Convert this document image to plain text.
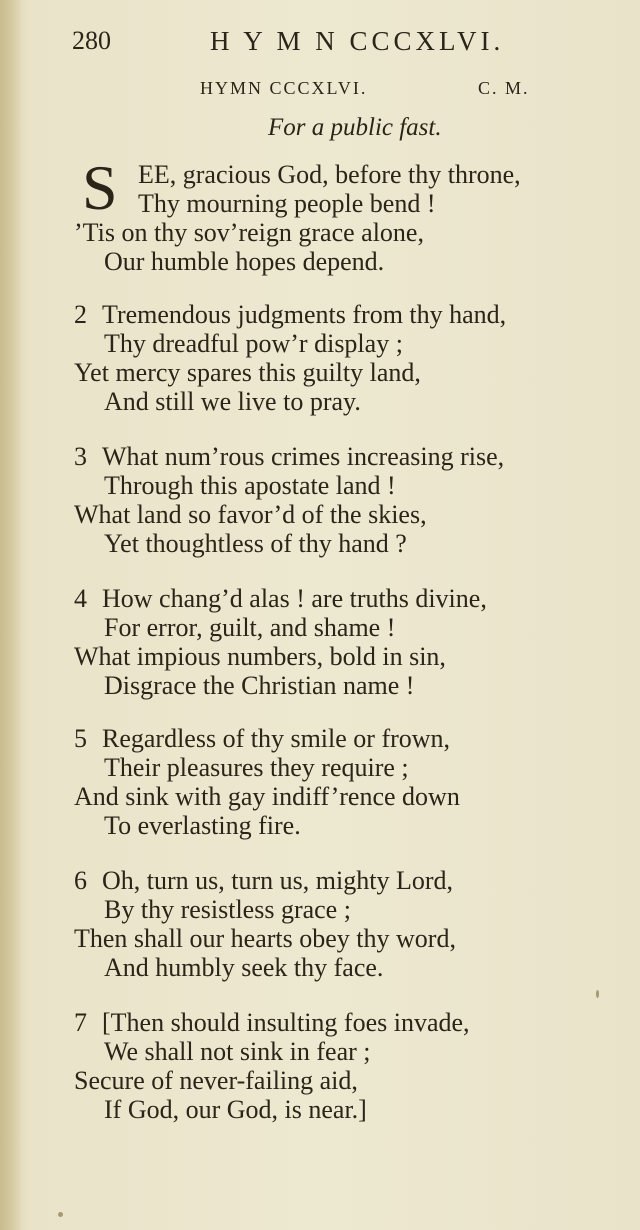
280	H Y M N CCCXLVI.
HYMN CCCXLVI.	C. M.
For a public fast.
S EE, gracious God, before thy throne,
Thy mourning people bend !
’Tis on thy sov’reign grace alone,
Our humble hopes depend.
2 Tremendous judgments from thy hand,
Thy dreadful pow’r display ;
Yet mercy spares this guilty land,
And still we live to pray.
3 What num’rous crimes increasing rise,
Through this apostate land !
What land so favor’d of the skies,
Yet thoughtless of thy hand ?
4 How chang’d alas ! are truths divine,
For error, guilt, and shame !
What impious numbers, bold in sin,
Disgrace the Christian name !
5 Regardless of thy smile or frown,
Their pleasures they require ;
And sink with gay indiff’rence down
To everlasting fire.
6 Oh, turn us, turn us, mighty Lord,
By thy resistless grace ;
Then shall our hearts obey thy word,
And humbly seek thy face.
7 [Then should insulting foes invade,
We shall not sink in fear ;
Secure of never-failing aid,
If God, our God, is near.]
